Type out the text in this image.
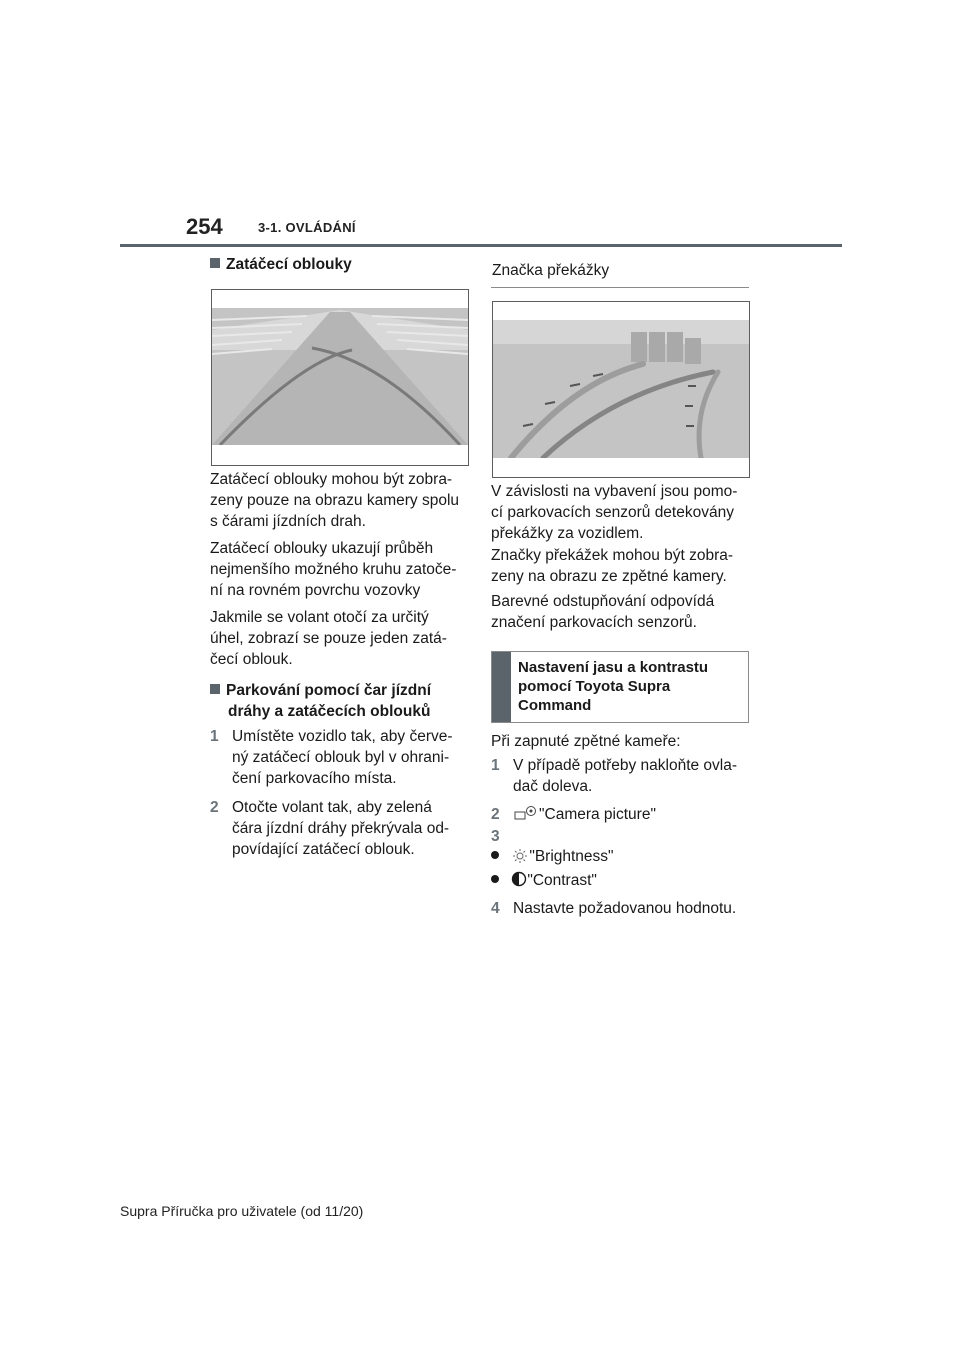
254	3-1. OVLÁDÁNÍ
Zatáčecí oblouky
Zatáčecí oblouky mohou být zobra-
zeny pouze na obrazu kamery spolu
s čárami jízdních drah.
Zatáčecí oblouky ukazují průběh
nejmenšího možného kruhu zatoče-
ní na rovném povrchu vozovky
Jakmile se volant otočí za určitý
úhel, zobrazí se pouze jeden zatá-
čecí oblouk.
Parkování pomocí čar jízdní
dráhy a zatáčecích oblouků
1 Umístěte vozidlo tak, aby červe-
ný zatáčecí oblouk byl v ohrani-
čení parkovacího místa.
2 Otočte volant tak, aby zelená
čára jízdní dráhy překrývala od-
povídající zatáčecí oblouk.
Značka překážky
V závislosti na vybavení jsou pomo-
cí parkovacích senzorů detekovány
překážky za vozidlem.
Značky překážek mohou být zobra-
zeny na obrazu ze zpětné kamery.
Barevné odstupňování odpovídá
značení parkovacích senzorů.
Nastavení jasu a kontrastu
pomocí Toyota Supra
Command
Při zapnuté zpětné kameře:
1 V případě potřeby nakloňte ovla-
dač doleva.
2	"Camera picture"
3
"Brightness"
"Contrast"
4 Nastavte požadovanou hodnotu.
Supra Příručka pro uživatele (od 11/20)
